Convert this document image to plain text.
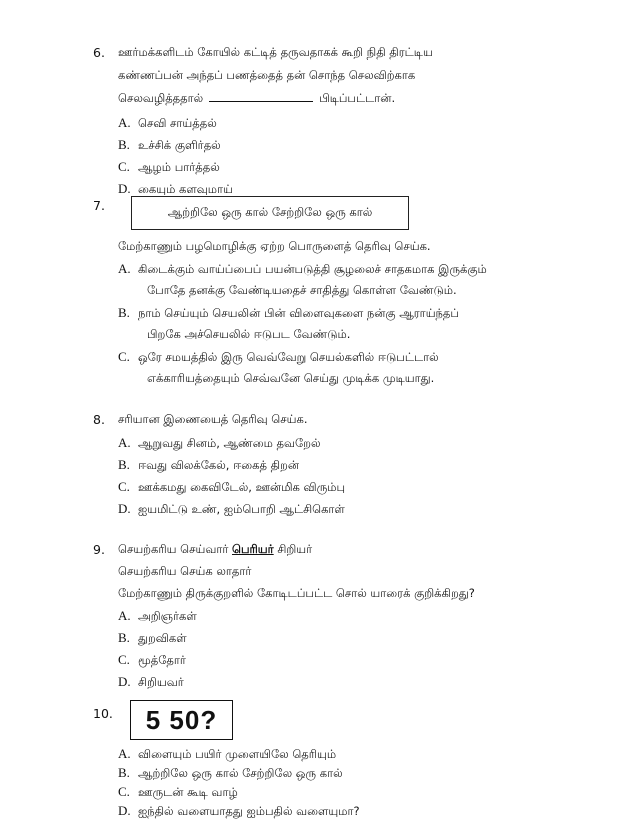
6. ஊர்மக்களிடம் கோயில் கட்டித் தருவதாகக் கூறி நிதி திரட்டிய
கண்ணப்பன் அந்தப் பணத்தைத் தன் சொந்த செலவிற்காக
செலவழித்ததால்	பிடிப்பட்டான்.
A. செவி சாய்த்தல்
B. உச்சிக் குளிர்தல்
C. ஆழம் பார்த்தல்
D. கையும் களவுமாய்
7.	ஆற்றிலே ஒரு கால் சேற்றிலே ஒரு கால்
மேற்காணும் பழமொழிக்கு ஏற்ற பொருளைத் தெரிவு செய்க.
A. கிடைக்கும் வாய்ப்பைப் பயன்படுத்தி சூழலைச் சாதகமாக இருக்கும்
போதே தனக்கு வேண்டியதைச் சாதித்து கொள்ள வேண்டும்.
B. நாம் செய்யும் செயலின் பின் விளைவுகளை நன்கு ஆராய்ந்தப்
பிறகே அச்செயலில் ஈடுபட வேண்டும்.
C. ஒரே சமயத்தில் இரு வெவ்வேறு செயல்களில் ஈடுபட்டால்
எக்காரியத்தையும் செவ்வனே செய்து முடிக்க முடியாது.
8. சரியான இணையைத் தெரிவு செய்க.
A. ஆறுவது சினம், ஆண்மை தவறேல்
B. ஈவது விலக்கேல், ஈகைத் திறன்
C. ஊக்கமது கைவிடேல், ஊன்மிக விரும்பு
D. ஐயமிட்டு உண், ஐம்பொறி ஆட்சிகொள்
9. செயற்கரிய செய்வார் பெரியர் சிறியர்
செயற்கரிய செய்க லாதார்
மேற்காணும் திருக்குறளில் கோடிடப்பட்ட சொல் யாரைக் குறிக்கிறது?
A. அறிஞர்கள்
B. துறவிகள்
C. மூத்தோர்
D. சிறியவர்
10. 5 50?
A. விளையும் பயிர் முளையிலே தெரியும்
B. ஆற்றிலே ஒரு கால் சேற்றிலே ஒரு கால்
C. ஊருடன் கூடி வாழ்
D. ஐந்தில் வளையாதது ஐம்பதில் வளையுமா?
